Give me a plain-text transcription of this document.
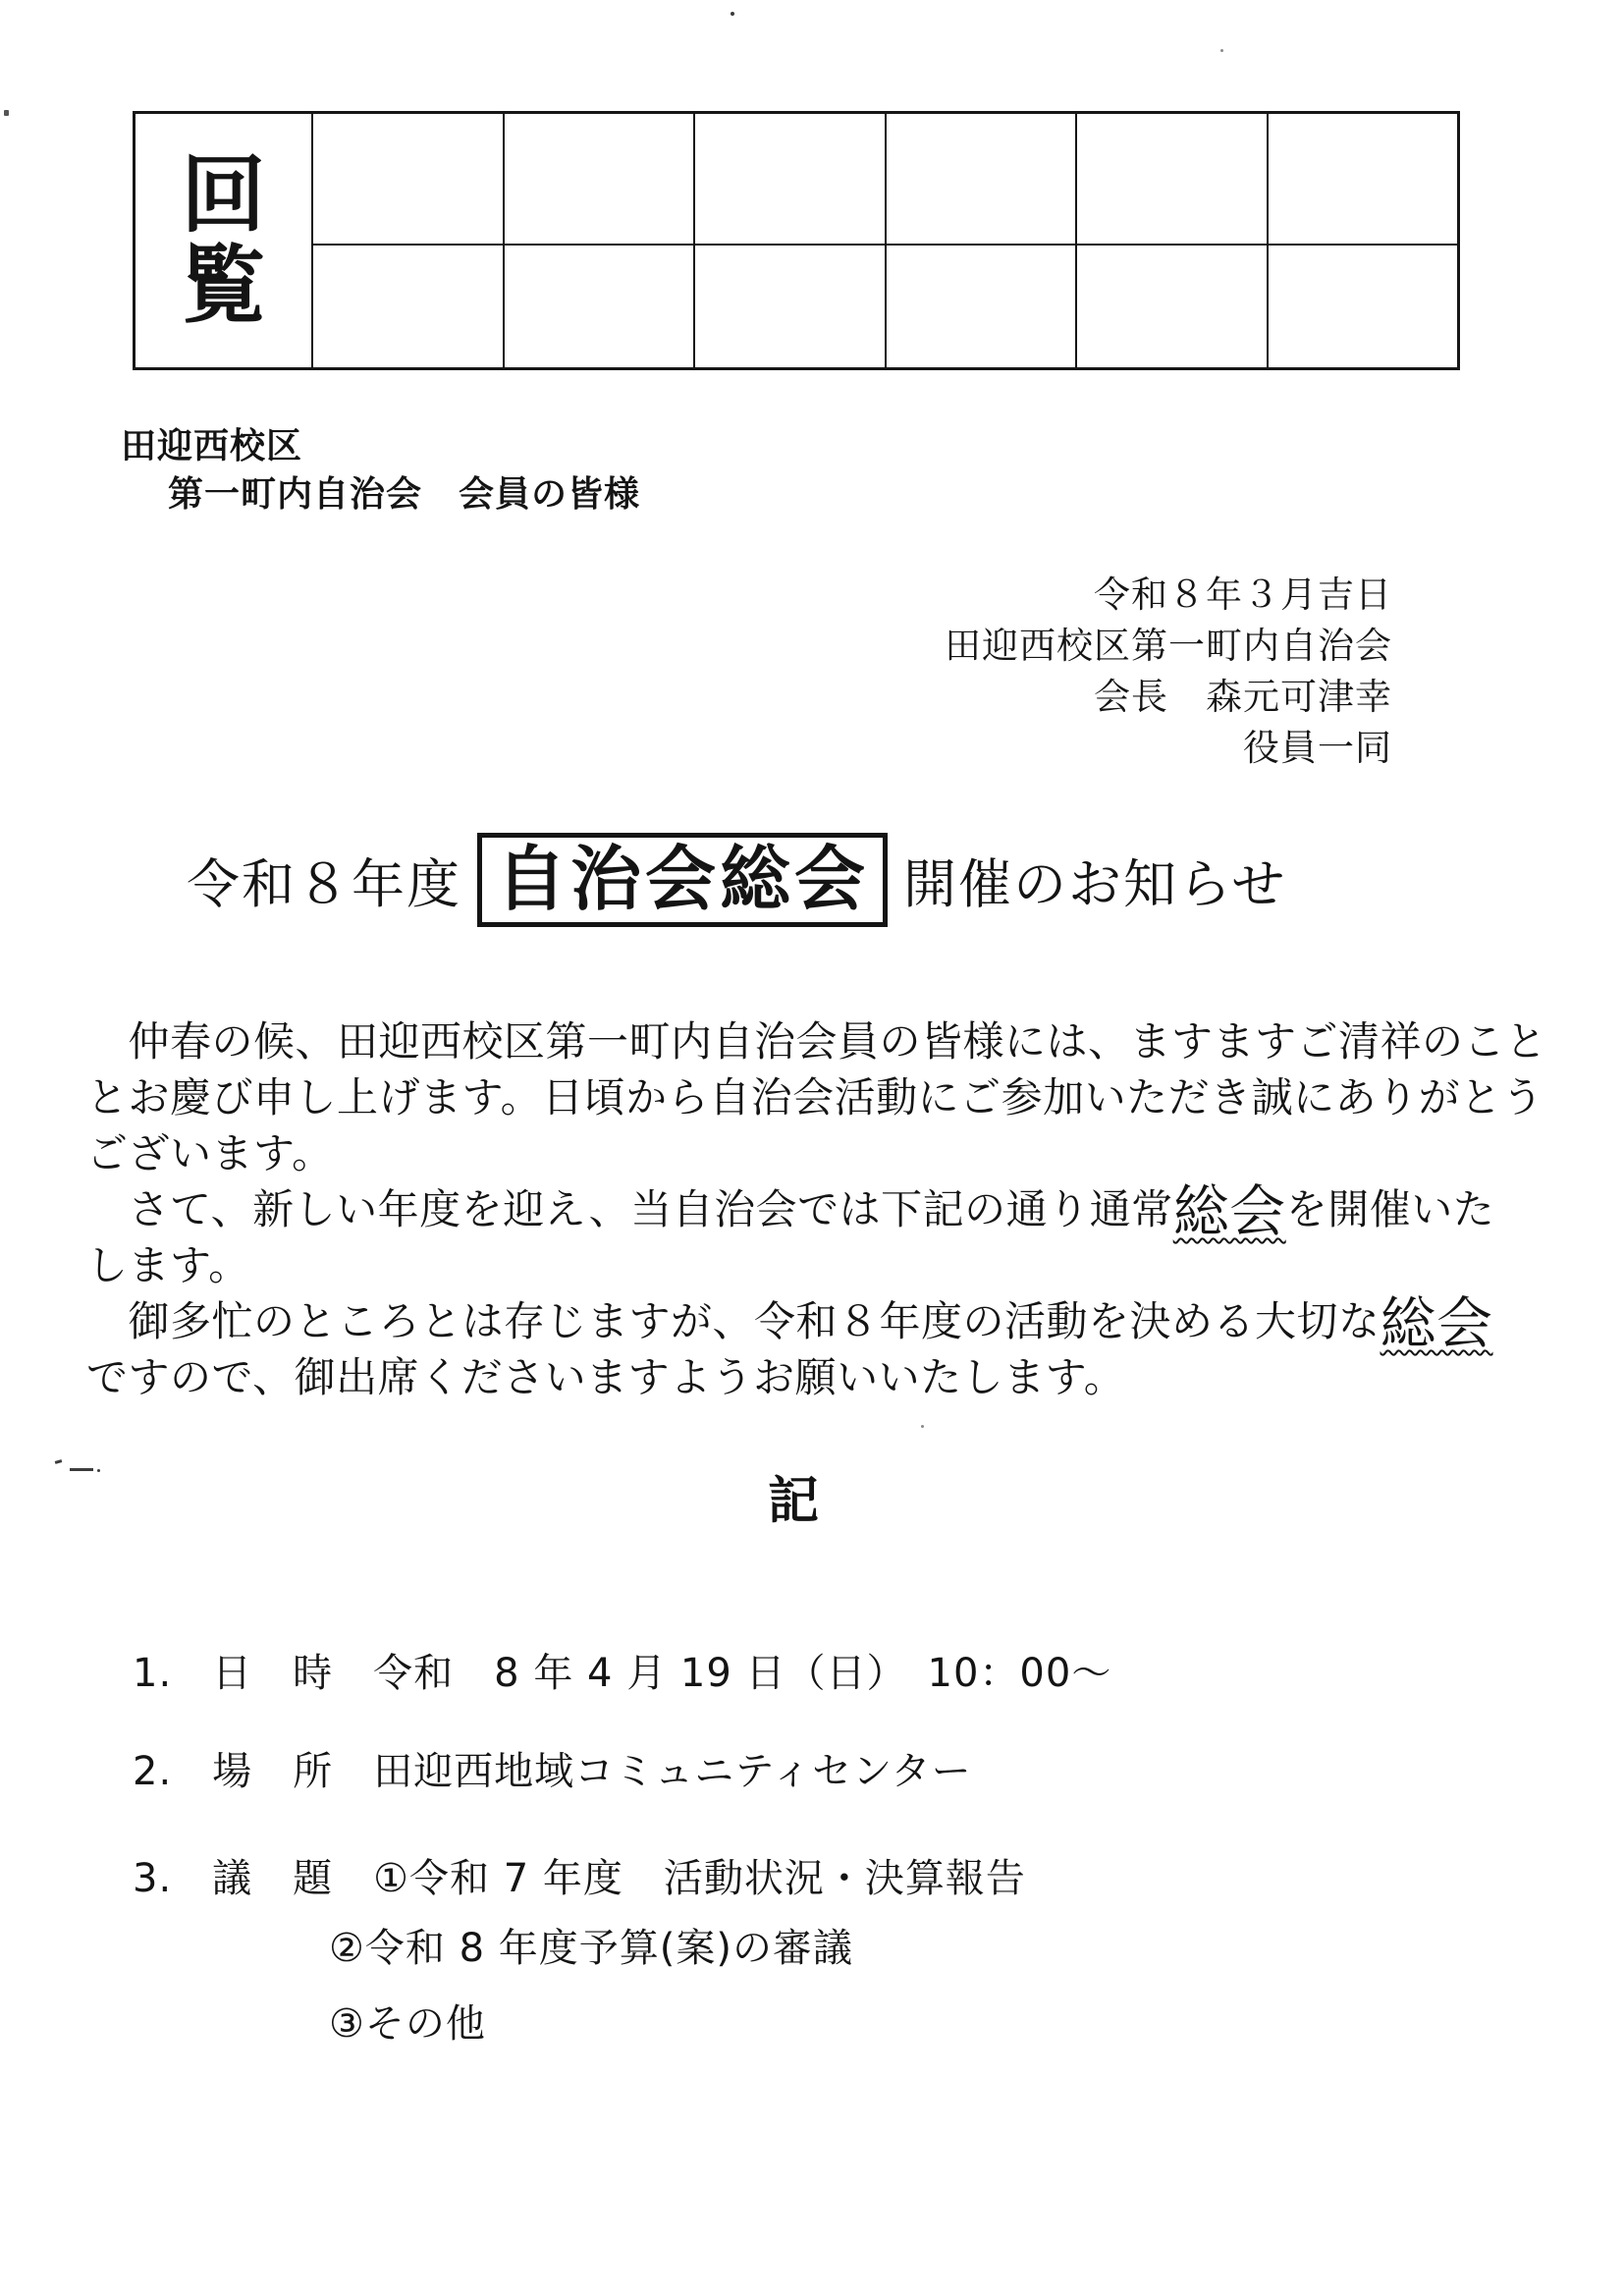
回
覧
田迎西校区
第一町内自治会　会員の皆様
令和８年３月吉日
田迎西校区第一町内自治会
会長　森元可津幸
役員一同
令和８年度 自治会総会 開催のお知らせ
　仲春の候、田迎西校区第一町内自治会員の皆様には、ますますご清祥のこと
とお慶び申し上げます。日頃から自治会活動にご参加いただき誠にありがとう
ございます。
　さて、新しい年度を迎え、当自治会では下記の通り通常総会を開催いた
します。
　御多忙のところとは存じますが、令和８年度の活動を決める大切な総会
ですので、御出席くださいますようお願いいたします。
記
1.　日　時　令和　8 年 4 月 19 日（日）　10：00～
2.　場　所　田迎西地域コミュニティセンター
3.　議　題　①令和 7 年度　活動状況・決算報告
②令和 8 年度予算(案)の審議
③その他
